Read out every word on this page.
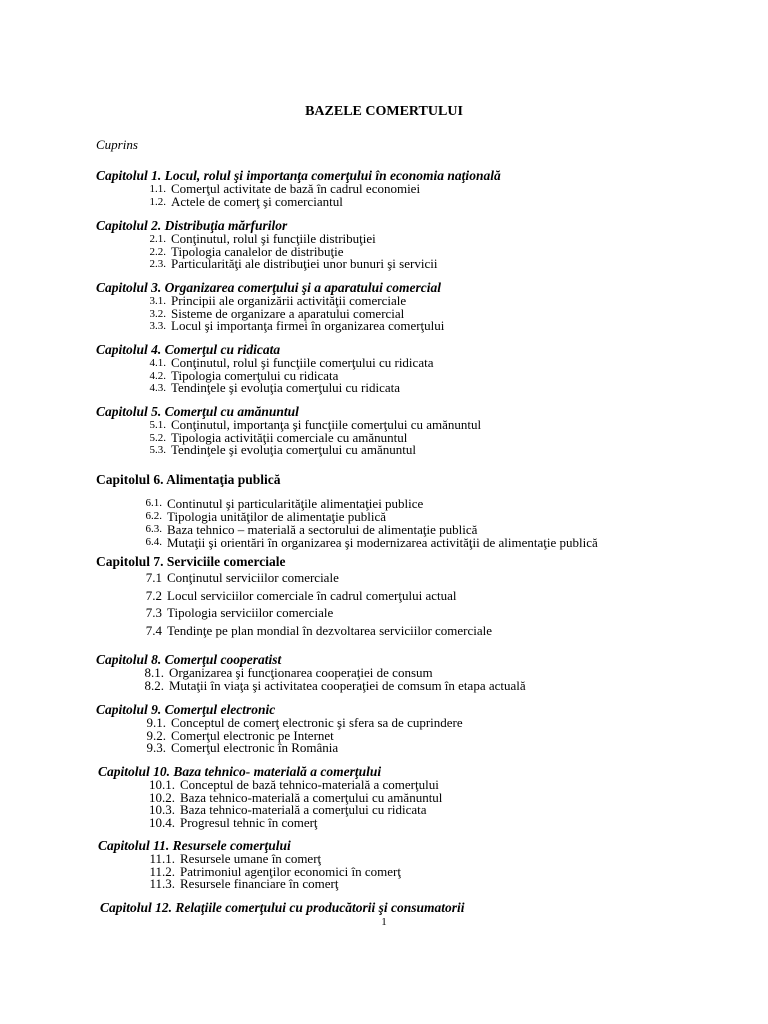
BAZELE COMERTULUI
Cuprins
Capitolul 1. Locul, rolul şi importanţa comerţului în economia naţională
1.1. Comerţul activitate de bază în cadrul economiei
1.2. Actele de comerţ şi comerciantul
Capitolul 2. Distribuţia mărfurilor
2.1. Conţinutul, rolul şi funcţiile distribuţiei
2.2. Tipologia canalelor de distribuţie
2.3. Particularităţi ale distribuţiei unor bunuri şi servicii
Capitolul 3. Organizarea comerţului şi a aparatului comercial
3.1. Principii ale organizării activităţii comerciale
3.2. Sisteme de organizare a aparatului comercial
3.3. Locul şi importanţa firmei în organizarea comerţului
Capitolul 4. Comerţul cu ridicata
4.1. Conţinutul, rolul şi funcţiile comerţului cu ridicata
4.2. Tipologia comerţului cu ridicata
4.3. Tendinţele şi evoluţia comerţului cu ridicata
Capitolul 5. Comerţul cu amănuntul
5.1. Conţinutul, importanţa şi funcţiile comerţului cu amănuntul
5.2. Tipologia activităţii comerciale cu amănuntul
5.3. Tendinţele şi evoluţia comerţului cu amănuntul
Capitolul 6. Alimentaţia publică
6.1. Continutul şi particularităţile alimentaţiei publice
6.2. Tipologia unităţilor de alimentaţie publică
6.3. Baza tehnico – materială a sectorului de alimentaţie publică
6.4. Mutaţii şi orientări în organizarea şi modernizarea activităţii de alimentaţie publică
Capitolul 7. Serviciile comerciale
7.1 Conţinutul serviciilor comerciale
7.2 Locul serviciilor comerciale în cadrul comerţului actual
7.3 Tipologia serviciilor comerciale
7.4 Tendinţe pe plan mondial în dezvoltarea serviciilor comerciale
Capitolul 8. Comerţul cooperatist
8.1. Organizarea şi funcţionarea cooperaţiei de consum
8.2. Mutaţii în viaţa şi activitatea cooperaţiei de comsum în etapa actuală
Capitolul 9. Comerţul electronic
9.1. Conceptul de comerţ electronic şi sfera sa de cuprindere
9.2. Comerţul electronic pe Internet
9.3. Comerţul electronic în România
Capitolul 10. Baza tehnico- materială a comerţului
10.1. Conceptul de bază tehnico-materială a comerţului
10.2. Baza tehnico-materială a comerţului cu amănuntul
10.3. Baza tehnico-materială a comerţului cu ridicata
10.4. Progresul tehnic în comerţ
Capitolul 11. Resursele comerţului
11.1. Resursele umane în comerţ
11.2. Patrimoniul agenţilor economici în comerţ
11.3. Resursele financiare în comerţ
Capitolul 12. Relaţiile comerţului cu producătorii şi consumatorii
1
